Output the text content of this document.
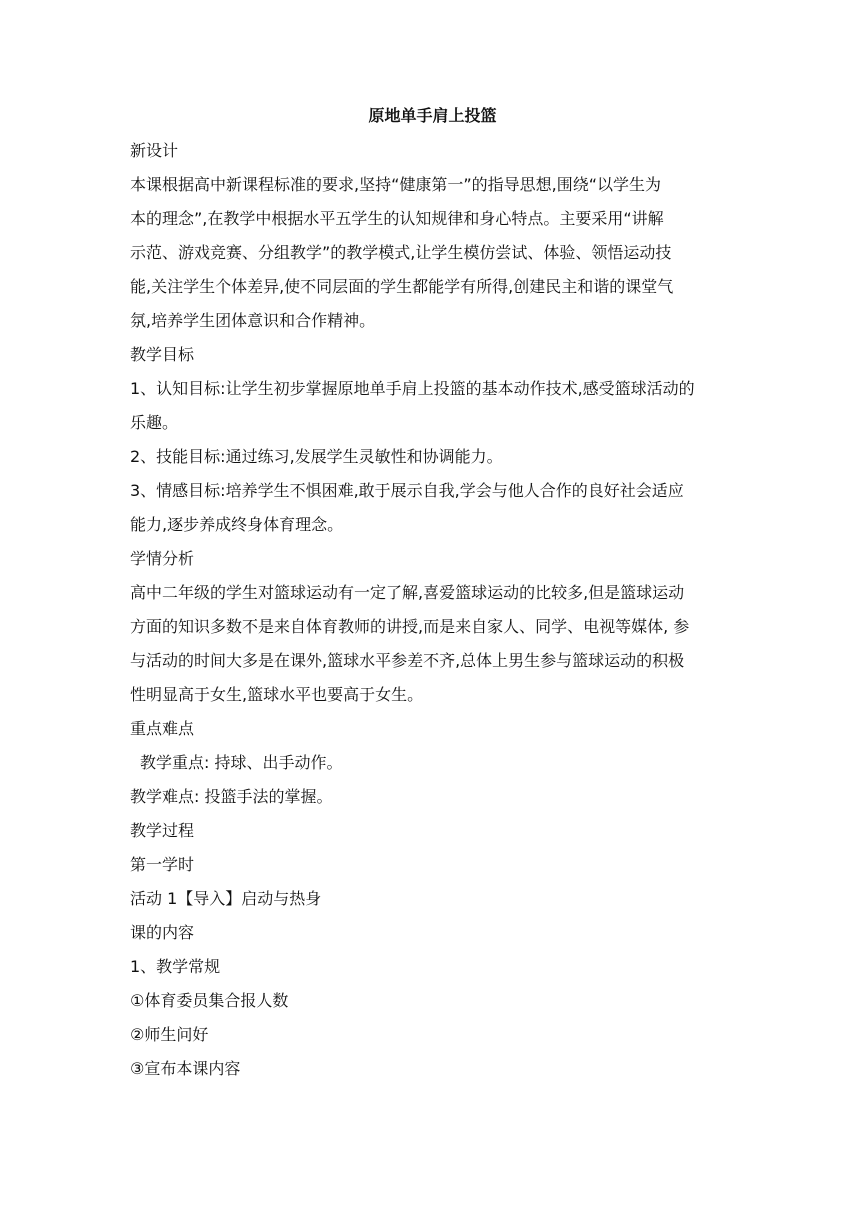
原地单手肩上投篮

新设计

本课根据高中新课程标准的要求,坚持“健康第一”的指导思想,围绕“以学生为
本的理念”,在教学中根据水平五学生的认知规律和身心特点。主要采用“讲解
示范、游戏竞赛、分组教学”的教学模式,让学生模仿尝试、体验、领悟运动技
能,关注学生个体差异,使不同层面的学生都能学有所得,创建民主和谐的课堂气
氛,培养学生团体意识和合作精神。

教学目标

1、认知目标:让学生初步掌握原地单手肩上投篮的基本动作技术,感受篮球活动的
乐趣。

2、技能目标:通过练习,发展学生灵敏性和协调能力。

3、情感目标:培养学生不惧困难,敢于展示自我,学会与他人合作的良好社会适应
能力,逐步养成终身体育理念。

学情分析

高中二年级的学生对篮球运动有一定了解,喜爱篮球运动的比较多,但是篮球运动
方面的知识多数不是来自体育教师的讲授,而是来自家人、同学、电视等媒体, 参
与活动的时间大多是在课外,篮球水平参差不齐,总体上男生参与篮球运动的积极
性明显高于女生,篮球水平也要高于女生。

重点难点

教学重点: 持球、出手动作。

教学难点: 投篮手法的掌握。

教学过程

第一学时

活动 1【导入】启动与热身

课的内容

1、教学常规

①体育委员集合报人数

②师生问好

③宣布本课内容
